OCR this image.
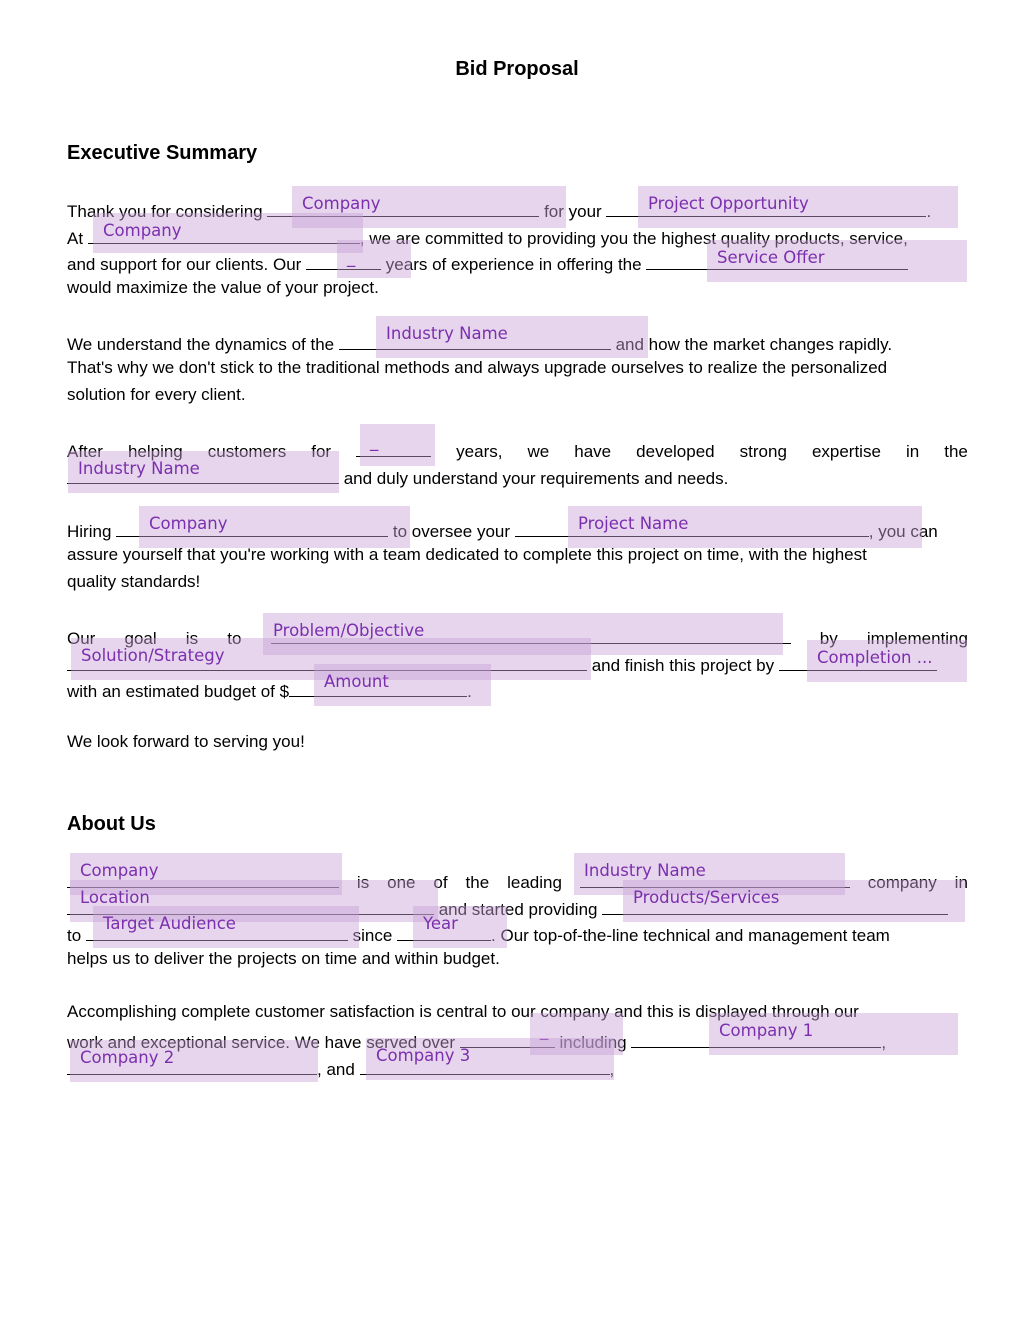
Bid Proposal
Executive Summary
Thank you for considering	for your	.
At	, we are committed to providing you the highest quality products, service,
and support for our clients. Our	years of experience in offering the
would maximize the value of your project.
We understand the dynamics of the	and how the market changes rapidly.
That's why we don't stick to the traditional methods and always upgrade ourselves to realize the personalized
solution for every client.
After helping customers for	years, we have developed strong expertise in the
and duly understand your requirements and needs.
Hiring	to oversee your	, you can
assure yourself that you're working with a team dedicated to complete this project on time, with the highest
quality standards!
Our goal is to	by implementing
and finish this project by
with an estimated budget of $	.
We look forward to serving you!
About Us
is one of the leading	company in
and started providing
to	since	. Our top-of-the-line technical and management team
helps us to deliver the projects on time and within budget.
Accomplishing complete customer satisfaction is central to our company and this is displayed through our
work and exceptional service. We have served over	including	,
, and	,
Company	Project Opportunity
Company
_	Service Offer
Industry Name
_
Industry Name
Company	Project Name
Problem/Objective
Solution/Strategy	Completion ...
Amount
Company	Industry Name
Location	Products/Services
Target Audience	Year
_	Company 1
Company 2	Company 3
